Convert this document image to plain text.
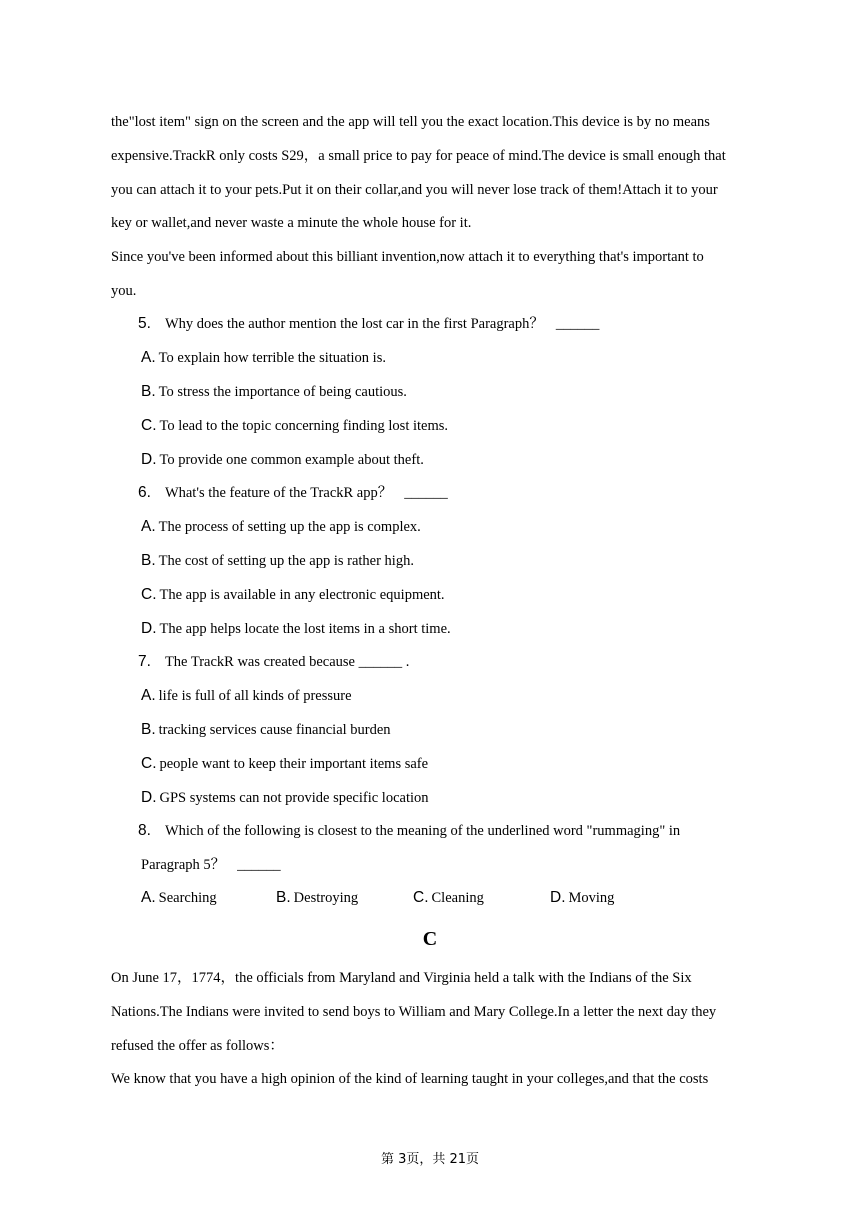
the"lost item" sign on the screen and the app will tell you the exact location.This device is by no means
expensive.TrackR only costs S29，a small price to pay for peace of mind.The device is small enough that
you can attach it to your pets.Put it on their collar,and you will never lose track of them!Attach it to your
key or wallet,and never waste a minute the whole house for it.
Since you've been informed about this billiant invention,now attach it to everything that's important to
you.
5. Why does the author mention the lost car in the first Paragraph？ ______
A. To explain how terrible the situation is.
B. To stress the importance of being cautious.
C. To lead to the topic concerning finding lost items.
D. To provide one common example about theft.
6. What's the feature of the TrackR app？ ______
A. The process of setting up the app is complex.
B. The cost of setting up the app is rather high.
C. The app is available in any electronic equipment.
D. The app helps locate the lost items in a short time.
7. The TrackR was created because ______ .
A. life is full of all kinds of pressure
B. tracking services cause financial burden
C. people want to keep their important items safe
D. GPS systems can not provide specific location
8. Which of the following is closest to the meaning of the underlined word "rummaging" in
Paragraph 5？ ______
A. Searching	B. Destroying	C. Cleaning	D. Moving
C
On June 17，1774，the officials from Maryland and Virginia held a talk with the Indians of the Six
Nations.The Indians were invited to send boys to William and Mary College.In a letter the next day they
refused the offer as follows：
We know that you have a high opinion of the kind of learning taught in your colleges,and that the costs
第 3页，共 21页
